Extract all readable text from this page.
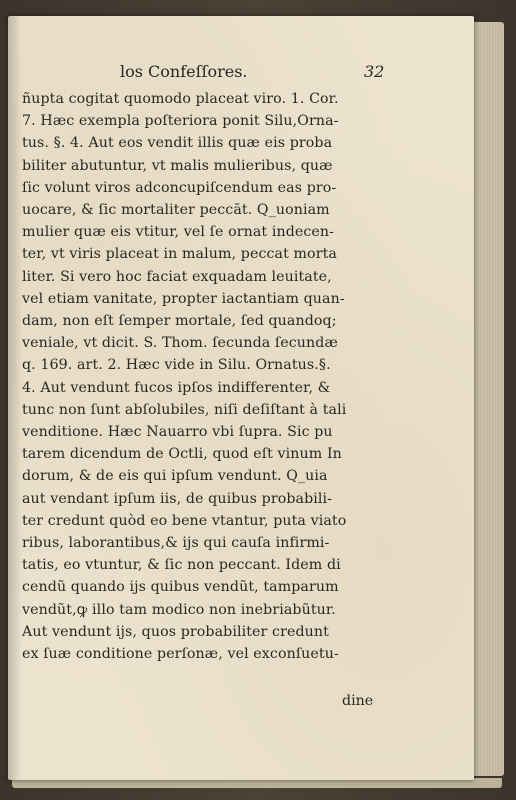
los Confeſſores.	32
ñupta cogitat quomodo placeat viro. 1. Cor.
7. Hæc exempla poſteriora ponit Silu,Orna-
tus. §. 4. Aut eos vendit illis quæ eis proba
biliter abutuntur, vt malis mulieribus, quæ
ſic volunt viros adconcupiſcendum eas pro-
uocare, & ſic mortaliter peccāt. Q_uoniam
mulier quæ eis vtitur, vel ſe ornat indecen-
ter, vt viris placeat in malum, peccat morta
liter. Si vero hoc faciat exquadam leuitate,
vel etiam vanitate, propter iactantiam quan-
dam, non eſt ſemper mortale, ſed quandoq;
veniale, vt dicit. S. Thom. ſecunda ſecundæ
q. 169. art. 2. Hæc vide in Silu. Ornatus.§.
4. Aut vendunt fucos ipſos indifferenter, &
tunc non ſunt abſolubiles, niſi deſiſtant à tali
venditione. Hæc Nauarro vbi ſupra. Sic pu
tarem dicendum de Octli, quod eſt vinum In
dorum, & de eis qui ipſum vendunt. Q_uia
aut vendant ipſum iis, de quibus probabili-
ter credunt quòd eo bene vtantur, puta viato
ribus, laborantibus,& ijs qui cauſa infirmi-
tatis, eo vtuntur, & ſic non peccant. Idem di
cendũ quando ijs quibus vendũt, tamparum
vendũt,ꝙ illo tam modico non inebriabũtur.
Aut vendunt ijs, quos probabiliter credunt
ex ſuæ conditione perſonæ, vel exconſuetu-
dine
